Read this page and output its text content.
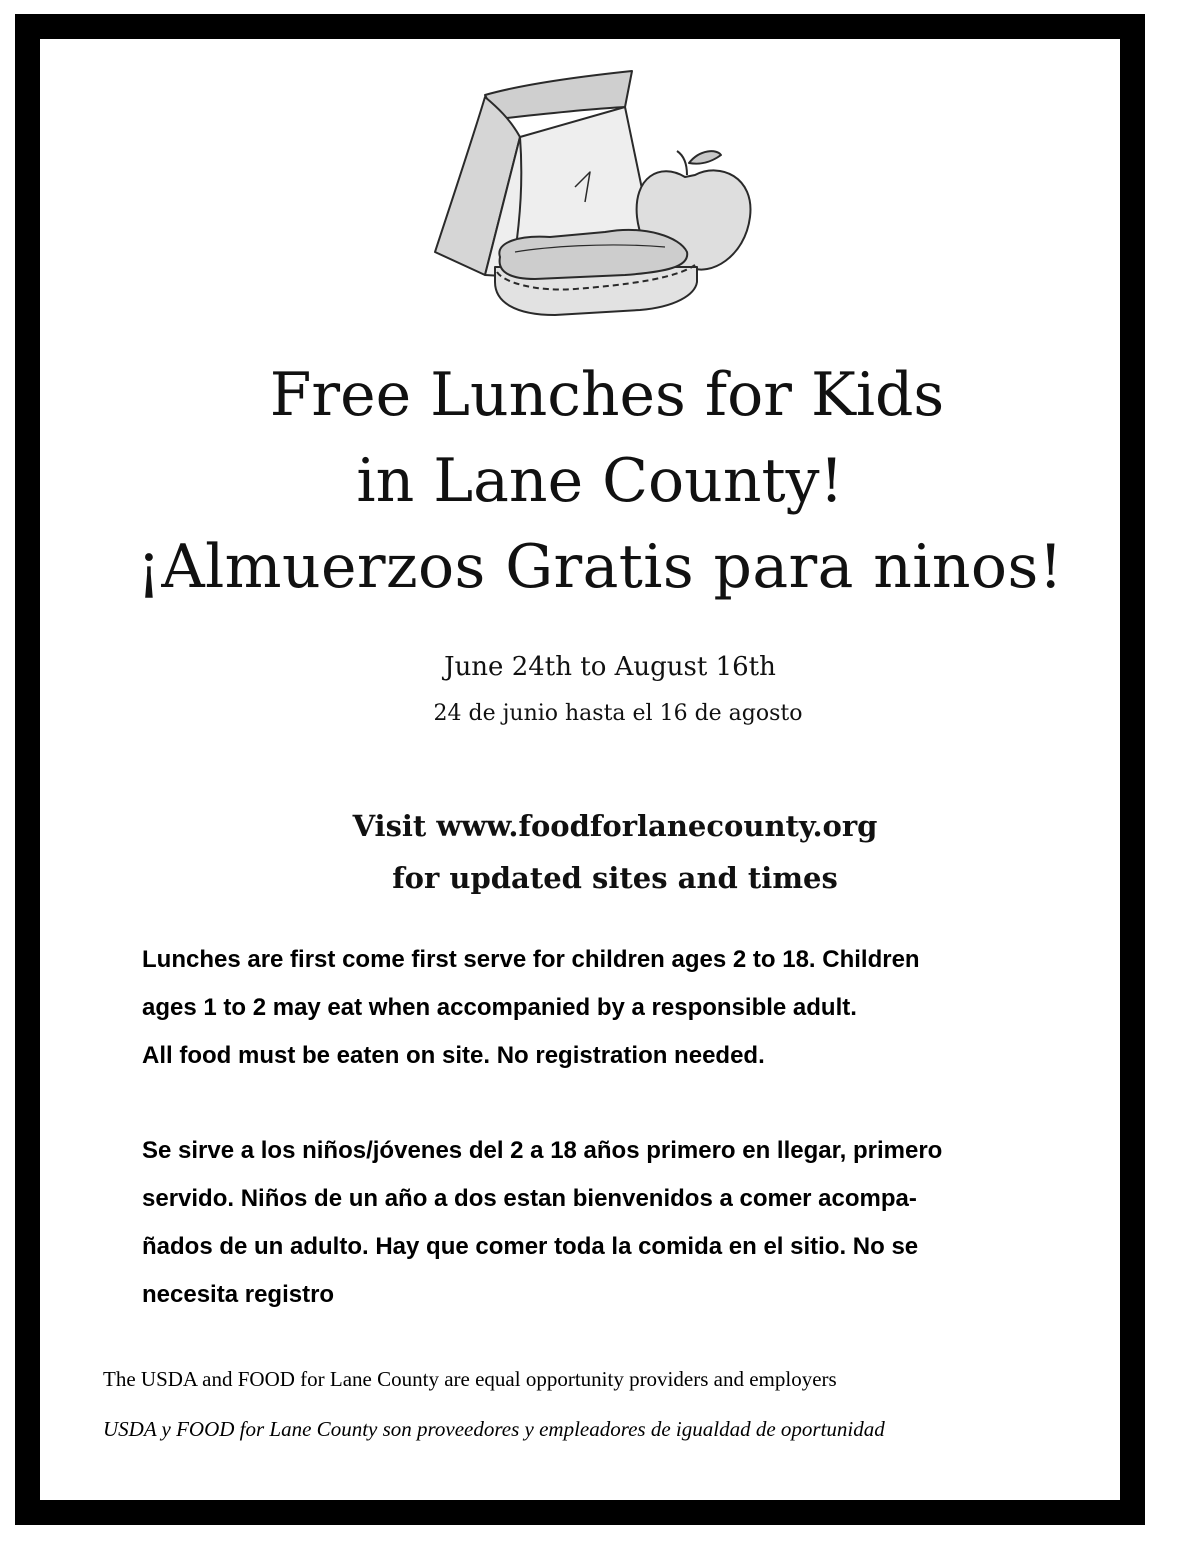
Free Lunches for Kids
in Lane County!
¡Almuerzos Gratis para ninos!
June 24th to August 16th
24 de junio hasta el 16 de agosto
Visit www.foodforlanecounty.org
for updated sites and times
Lunches are first come first serve for children ages 2 to 18. Children
ages 1 to 2 may eat when accompanied by a responsible adult.
All food must be eaten on site. No registration needed.
Se sirve a los niños/jóvenes del 2 a 18 años primero en llegar, primero
servido. Niños de un año a dos estan bienvenidos a comer acompa-
ñados de un adulto. Hay que comer toda la comida en el sitio. No se
necesita registro
The USDA and FOOD for Lane County are equal opportunity providers and employers
USDA y FOOD for Lane County son proveedores y empleadores de igualdad de oportunidad
